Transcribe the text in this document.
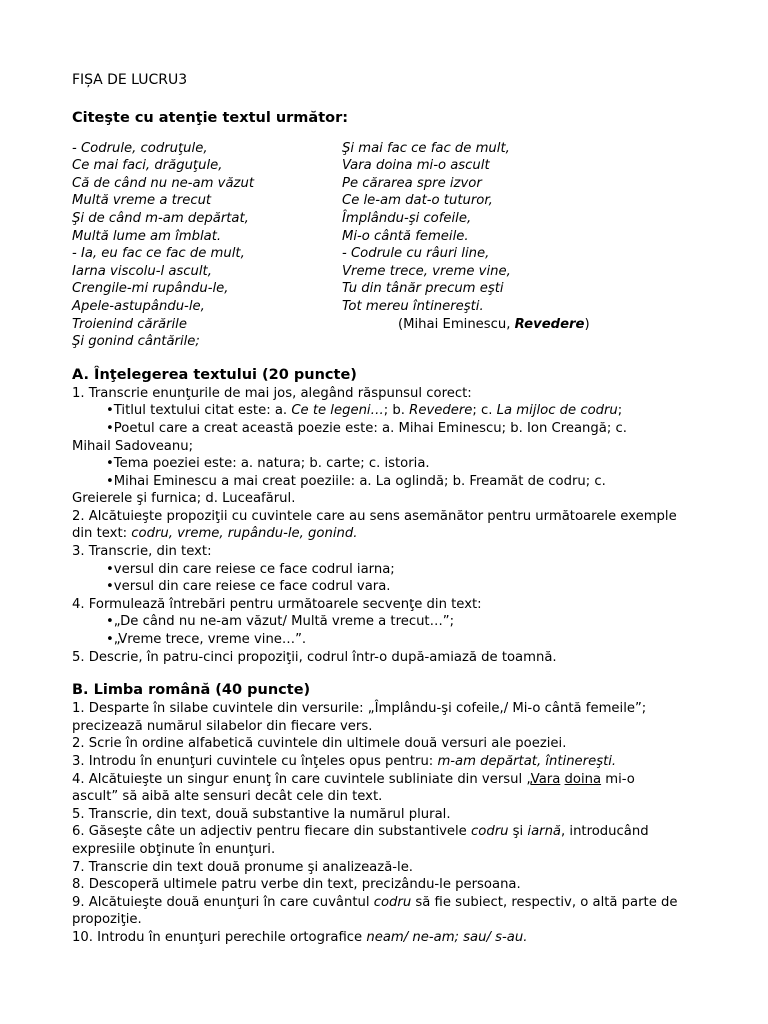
FIȘA DE LUCRU3
Citeşte cu atenţie textul următor:
- Codrule, codruţule,
Ce mai faci, drăguţule,
Că de când nu ne-am văzut
Multă vreme a trecut
Şi de când m-am depărtat,
Multă lume am îmblat.
- Ia, eu fac ce fac de mult,
Iarna viscolu-l ascult,
Crengile-mi rupându-le,
Apele-astupându-le,
Troienind cărările
Şi gonind cântările;
Şi mai fac ce fac de mult,
Vara doina mi-o ascult
Pe cărarea spre izvor
Ce le-am dat-o tuturor,
Împlându-şi cofeile,
Mi-o cântă femeile.
- Codrule cu râuri line,
Vreme trece, vreme vine,
Tu din tânăr precum eşti
Tot mereu întinereşti.
(Mihai Eminescu, Revedere)
A. Înţelegerea textului (20 puncte)
1. Transcrie enunţurile de mai jos, alegând răspunsul corect:
• Titlul textului citat este: a. Ce te legeni…; b. Revedere; c. La mijloc de codru;
• Poetul care a creat această poezie este: a. Mihai Eminescu; b. Ion Creangă; c.
Mihail Sadoveanu;
• Tema poeziei este: a. natura; b. carte; c. istoria.
• Mihai Eminescu a mai creat poeziile: a. La oglindă; b. Freamăt de codru; c.
Greierele şi furnica; d. Luceafărul.
2. Alcătuieşte propoziţii cu cuvintele care au sens asemănător pentru următoarele exemple
din text: codru, vreme, rupându-le, gonind.
3. Transcrie, din text:
• versul din care reiese ce face codrul iarna;
• versul din care reiese ce face codrul vara.
4. Formulează întrebări pentru următoarele secvenţe din text:
• „De când nu ne-am văzut/ Multă vreme a trecut…”;
• „Vreme trece, vreme vine…”.
5. Descrie, în patru-cinci propoziţii, codrul într-o după-amiază de toamnă.
B. Limba română (40 puncte)
1. Desparte în silabe cuvintele din versurile: „Împlându-şi cofeile,/ Mi-o cântă femeile”;
precizează numărul silabelor din fiecare vers.
2. Scrie în ordine alfabetică cuvintele din ultimele două versuri ale poeziei.
3. Introdu în enunţuri cuvintele cu înţeles opus pentru: m-am depărtat, întinereşti.
4. Alcătuieşte un singur enunţ în care cuvintele subliniate din versul „Vara doina mi-o
ascult” să aibă alte sensuri decât cele din text.
5. Transcrie, din text, două substantive la numărul plural.
6. Găseşte câte un adjectiv pentru fiecare din substantivele codru şi iarnă, introducând
expresiile obţinute în enunţuri.
7. Transcrie din text două pronume şi analizează-le.
8. Descoperă ultimele patru verbe din text, precizându-le persoana.
9. Alcătuieşte două enunţuri în care cuvântul codru să fie subiect, respectiv, o altă parte de
propoziţie.
10. Introdu în enunţuri perechile ortografice neam/ ne-am; sau/ s-au.
